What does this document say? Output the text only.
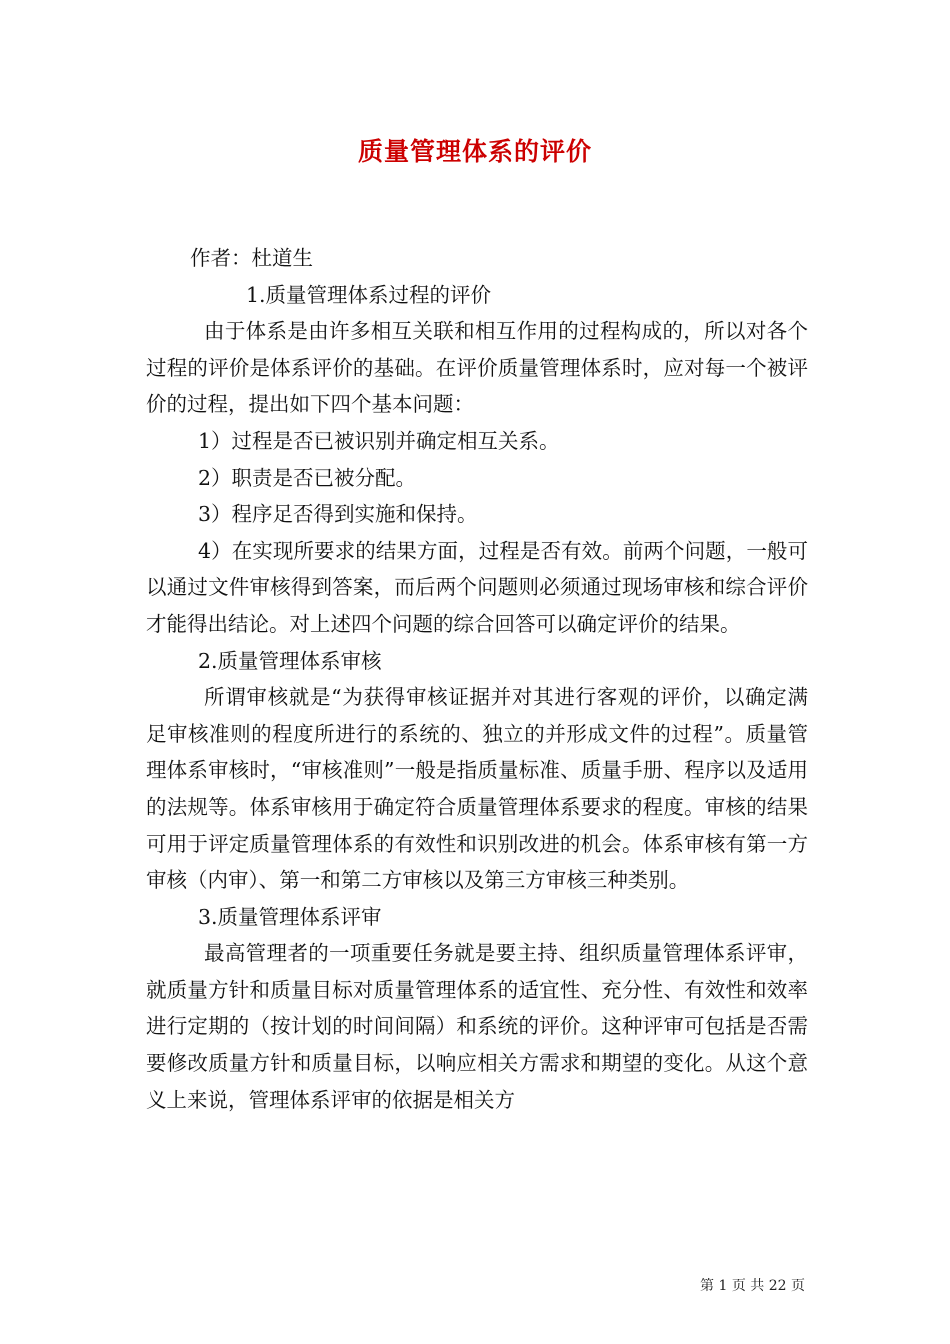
质量管理体系的评价

作者：杜道生

1.质量管理体系过程的评价

由于体系是由许多相互关联和相互作用的过程构成的，所以对各个过程的评价是体系评价的基础。在评价质量管理体系时，应对每一个被评价的过程，提出如下四个基本问题：

1）过程是否已被识别并确定相互关系。

2）职责是否已被分配。

3）程序足否得到实施和保持。

4）在实现所要求的结果方面，过程是否有效。前两个问题，一般可以通过文件审核得到答案，而后两个问题则必须通过现场审核和综合评价才能得出结论。对上述四个问题的综合回答可以确定评价的结果。

2.质量管理体系审核

所谓审核就是“为获得审核证据并对其进行客观的评价，以确定满足审核准则的程度所进行的系统的、独立的并形成文件的过程”。质量管理体系审核时，“审核准则”一般是指质量标准、质量手册、程序以及适用的法规等。体系审核用于确定符合质量管理体系要求的程度。审核的结果可用于评定质量管理体系的有效性和识别改进的机会。体系审核有第一方审核（内审）、第一和第二方审核以及第三方审核三种类别。

3.质量管理体系评审

最高管理者的一项重要任务就是要主持、组织质量管理体系评审，就质量方针和质量目标对质量管理体系的适宜性、充分性、有效性和效率进行定期的（按计划的时间间隔）和系统的评价。这种评审可包括是否需要修改质量方针和质量目标，以响应相关方需求和期望的变化。从这个意义上来说，管理体系评审的依据是相关方

第 1 页 共 22 页
